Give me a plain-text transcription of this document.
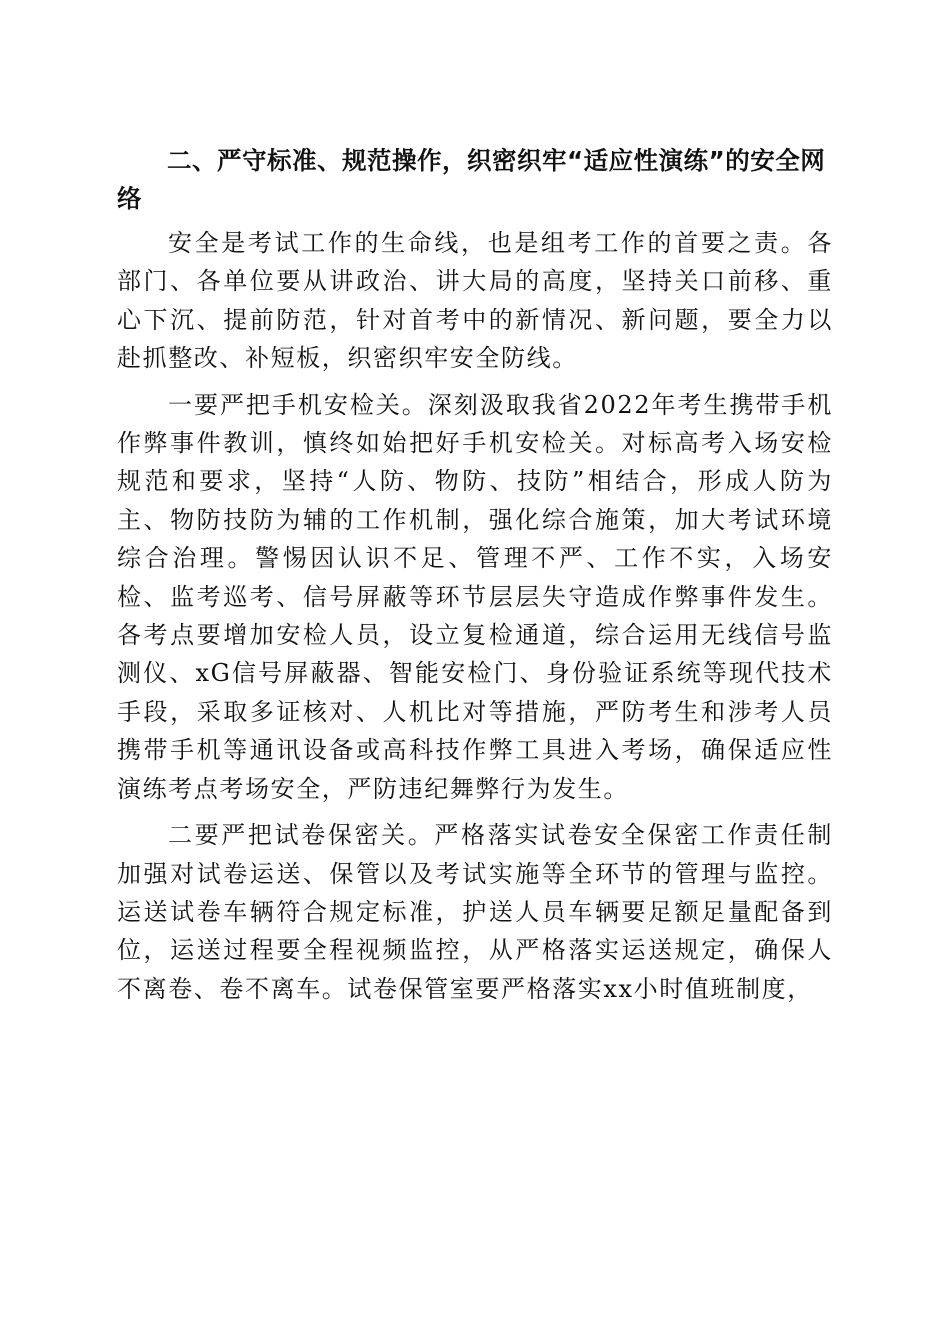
二、严守标准、规范操作，织密织牢“适应性演练”的安全网络

安全是考试工作的生命线，也是组考工作的首要之责。各部门、各单位要从讲政治、讲大局的高度，坚持关口前移、重心下沉、提前防范，针对首考中的新情况、新问题，要全力以赴抓整改、补短板，织密织牢安全防线。

一要严把手机安检关。深刻汲取我省2022年考生携带手机作弊事件教训，慎终如始把好手机安检关。对标高考入场安检规范和要求，坚持“人防、物防、技防”相结合，形成人防为主、物防技防为辅的工作机制，强化综合施策，加大考试环境综合治理。警惕因认识不足、管理不严、工作不实，入场安检、监考巡考、信号屏蔽等环节层层失守造成作弊事件发生。各考点要增加安检人员，设立复检通道，综合运用无线信号监测仪、xG信号屏蔽器、智能安检门、身份验证系统等现代技术手段，采取多证核对、人机比对等措施，严防考生和涉考人员携带手机等通讯设备或高科技作弊工具进入考场，确保适应性演练考点考场安全，严防违纪舞弊行为发生。

二要严把试卷保密关。严格落实试卷安全保密工作责任制加强对试卷运送、保管以及考试实施等全环节的管理与监控。运送试卷车辆符合规定标准，护送人员车辆要足额足量配备到位，运送过程要全程视频监控，从严格落实运送规定，确保人不离卷、卷不离车。试卷保管室要严格落实xx小时值班制度，
